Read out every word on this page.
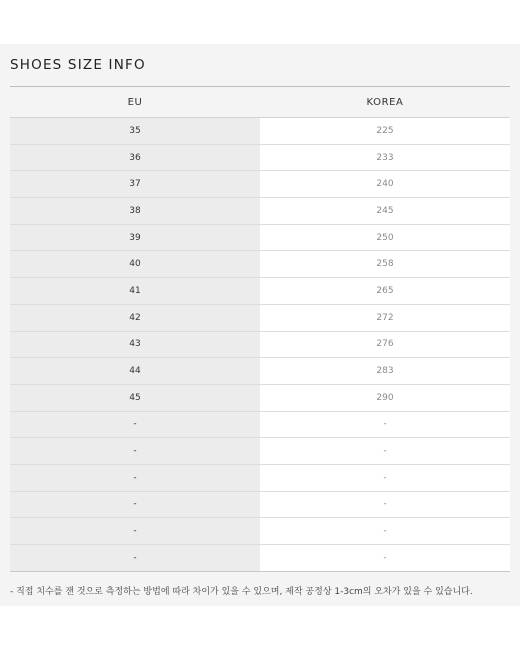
SHOES SIZE INFO
EU	KOREA
35	225
36	233
37	240
38	245
39	250
40	258
41	265
42	272
43	276
44	283
45	290
-	-
-	-
-	-
-	-
-	-
-	-
- 직접 치수를 잰 것으로 측정하는 방법에 따라 차이가 있을 수 있으며, 제작 공정상 1-3cm의 오차가 있을 수 있습니다.
